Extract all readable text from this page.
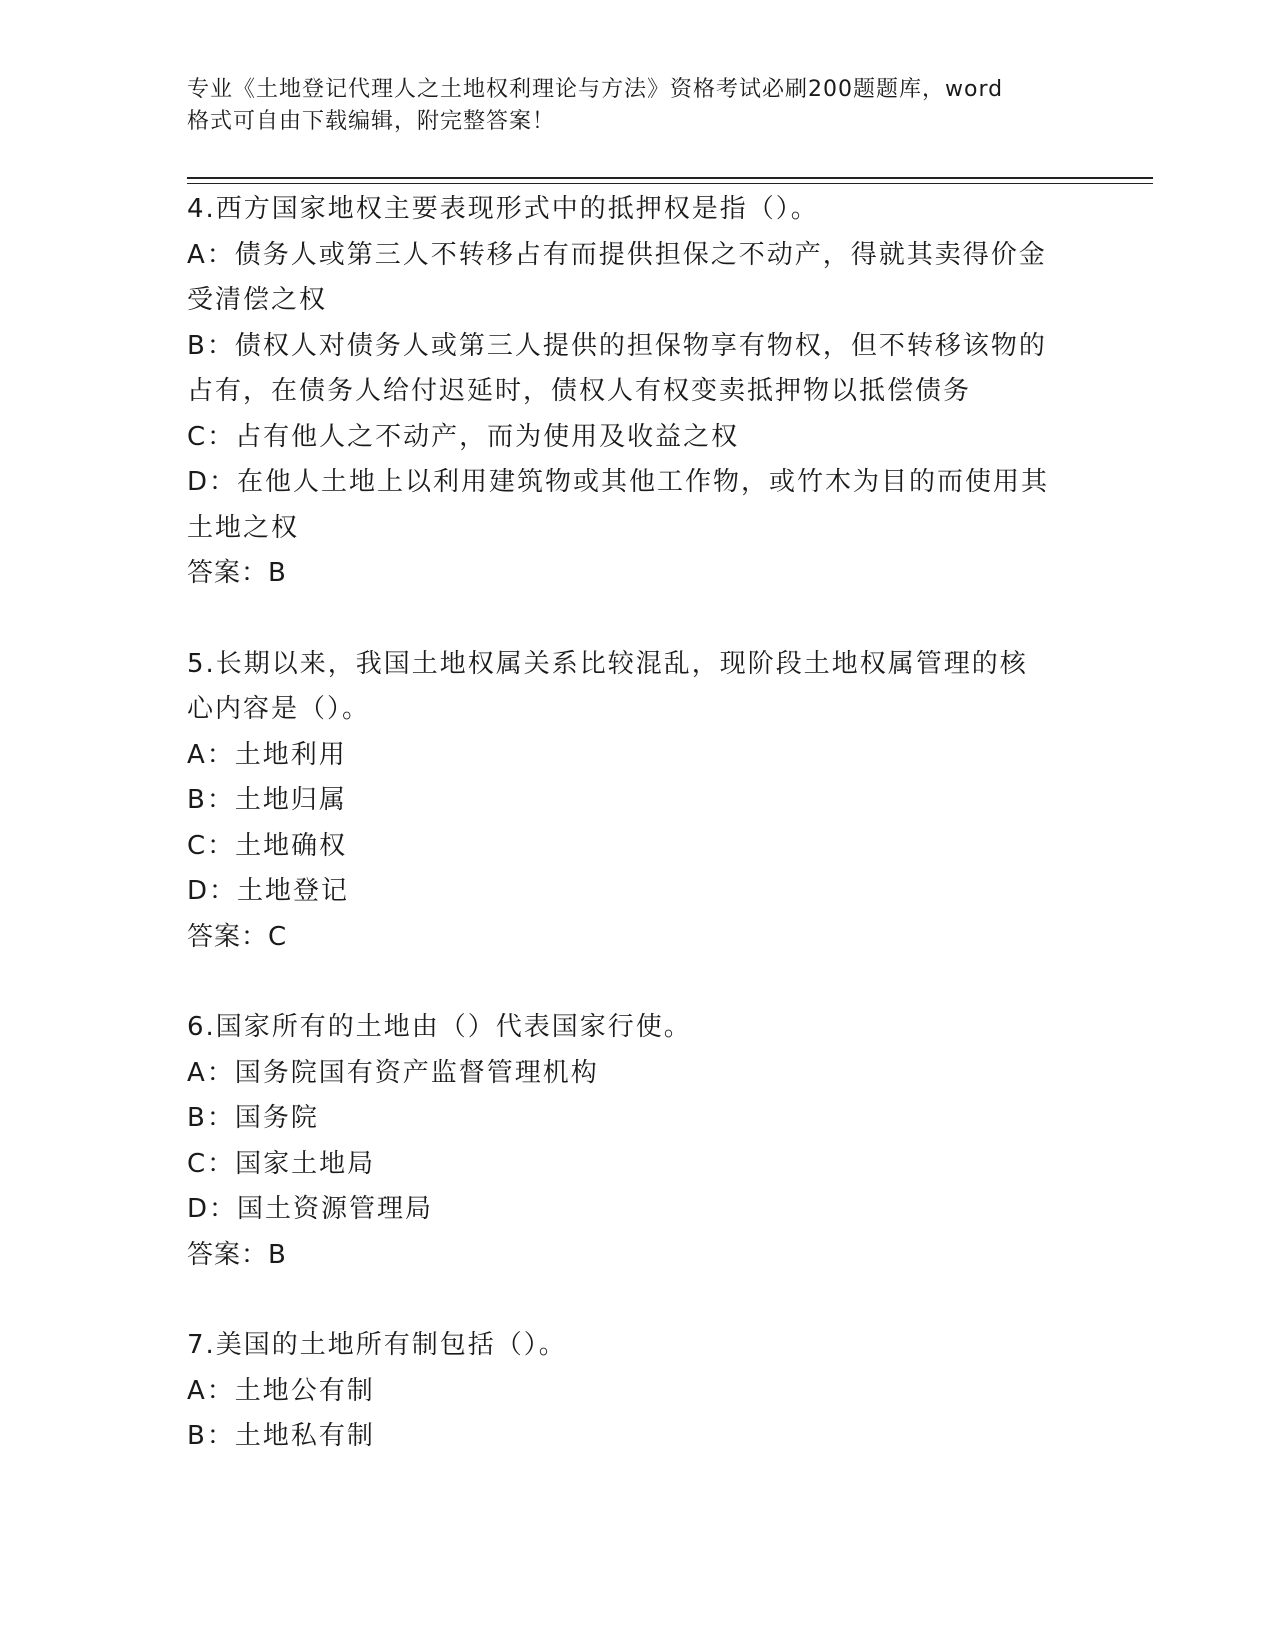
专业《土地登记代理人之土地权利理论与方法》资格考试必刷200题题库，word
格式可自由下载编辑，附完整答案！
4.西方国家地权主要表现形式中的抵押权是指（）。
A：债务人或第三人不转移占有而提供担保之不动产，得就其卖得价金
受清偿之权
B：债权人对债务人或第三人提供的担保物享有物权，但不转移该物的
占有，在债务人给付迟延时，债权人有权变卖抵押物以抵偿债务
C：占有他人之不动产，而为使用及收益之权
D：在他人土地上以利用建筑物或其他工作物，或竹木为目的而使用其
土地之权
答案：B
5.长期以来，我国土地权属关系比较混乱，现阶段土地权属管理的核
心内容是（）。
A：土地利用
B：土地归属
C：土地确权
D：土地登记
答案：C
6.国家所有的土地由（）代表国家行使。
A：国务院国有资产监督管理机构
B：国务院
C：国家土地局
D：国土资源管理局
答案：B
7.美国的土地所有制包括（）。
A：土地公有制
B：土地私有制
